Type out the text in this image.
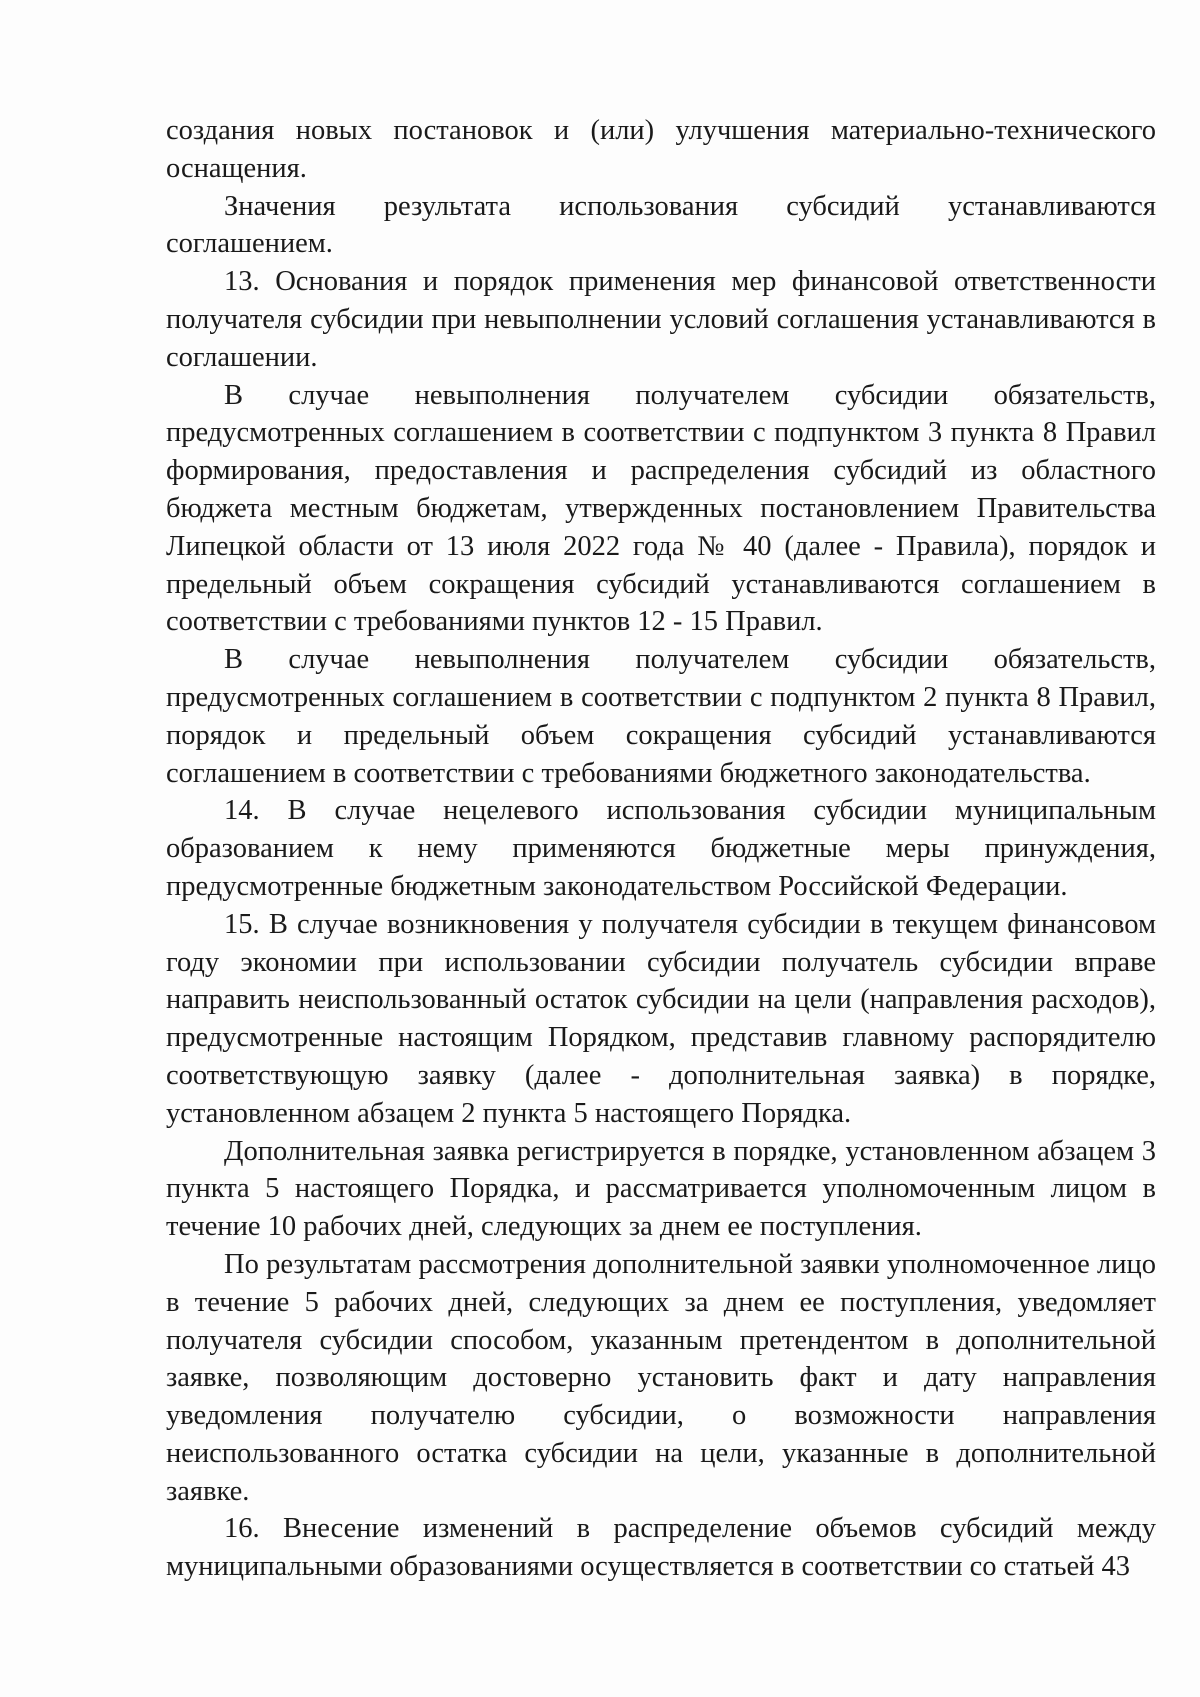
создания новых постановок и (или) улучшения материально-технического оснащения.

Значения результата использования субсидий устанавливаются соглашением.

13. Основания и порядок применения мер финансовой ответственности получателя субсидии при невыполнении условий соглашения устанавливаются в соглашении.

В случае невыполнения получателем субсидии обязательств, предусмотренных соглашением в соответствии с подпунктом 3 пункта 8 Правил формирования, предоставления и распределения субсидий из областного бюджета местным бюджетам, утвержденных постановлением Правительства Липецкой области от 13 июля 2022 года № 40 (далее - Правила), порядок и предельный объем сокращения субсидий устанавливаются соглашением в соответствии с требованиями пунктов 12 - 15 Правил.

В случае невыполнения получателем субсидии обязательств, предусмотренных соглашением в соответствии с подпунктом 2 пункта 8 Правил, порядок и предельный объем сокращения субсидий устанавливаются соглашением в соответствии с требованиями бюджетного законодательства.

14. В случае нецелевого использования субсидии муниципальным образованием к нему применяются бюджетные меры принуждения, предусмотренные бюджетным законодательством Российской Федерации.

15. В случае возникновения у получателя субсидии в текущем финансовом году экономии при использовании субсидии получатель субсидии вправе направить неиспользованный остаток субсидии на цели (направления расходов), предусмотренные настоящим Порядком, представив главному распорядителю соответствующую заявку (далее - дополнительная заявка) в порядке, установленном абзацем 2 пункта 5 настоящего Порядка.

Дополнительная заявка регистрируется в порядке, установленном абзацем 3 пункта 5 настоящего Порядка, и рассматривается уполномоченным лицом в течение 10 рабочих дней, следующих за днем ее поступления.

По результатам рассмотрения дополнительной заявки уполномоченное лицо в течение 5 рабочих дней, следующих за днем ее поступления, уведомляет получателя субсидии способом, указанным претендентом в дополнительной заявке, позволяющим достоверно установить факт и дату направления уведомления получателю субсидии, о возможности направления неиспользованного остатка субсидии на цели, указанные в дополнительной заявке.

16. Внесение изменений в распределение объемов субсидий между муниципальными образованиями осуществляется в соответствии со статьей 43
